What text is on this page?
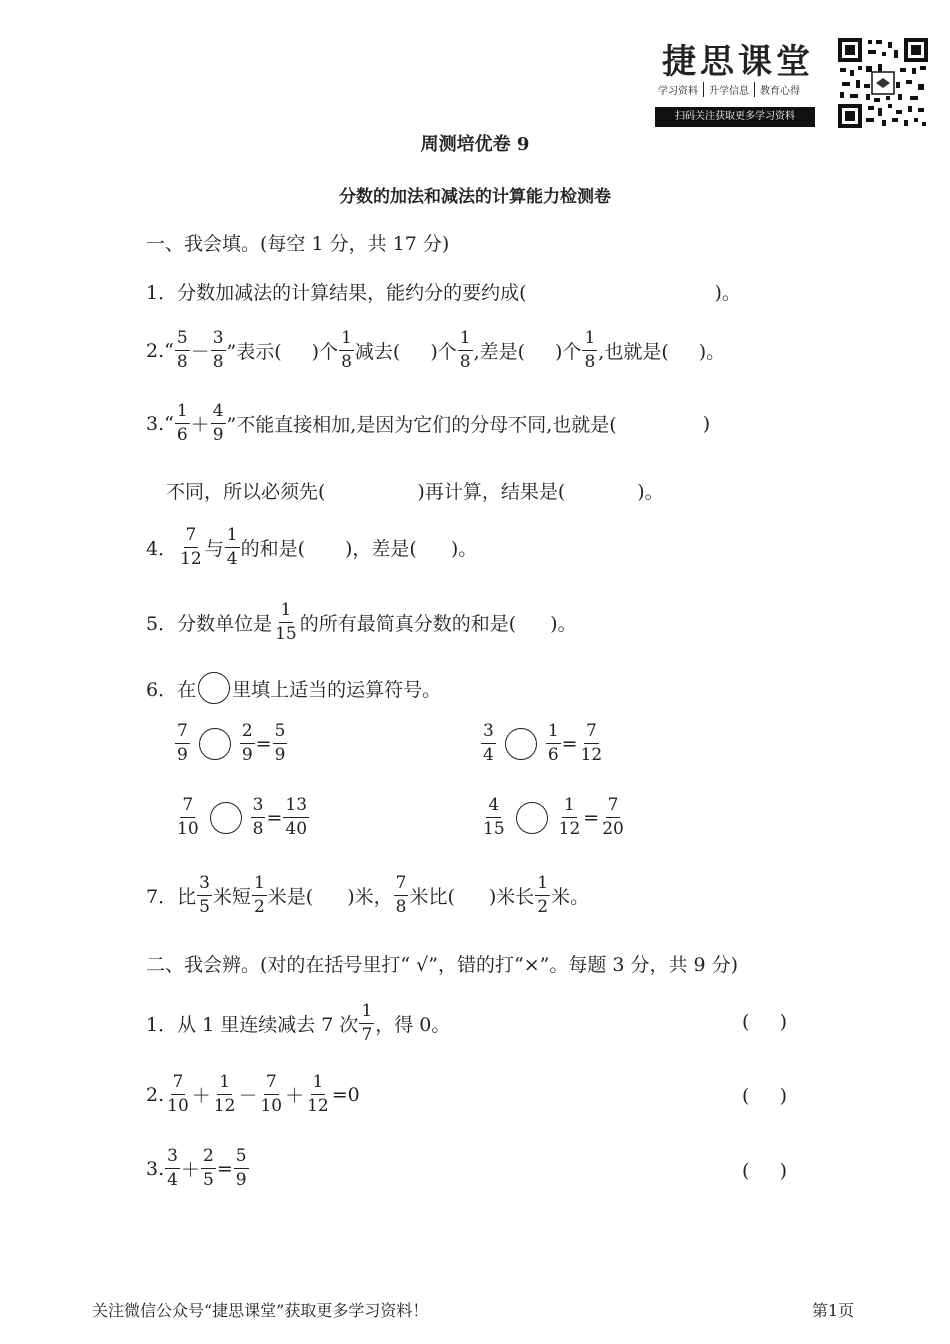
捷思课堂
学习资料	升学信息	教育心得
扫码关注获取更多学习资料
周测培优卷 9
分数的加法和减法的计算能力检测卷
一、我会填。(每空 1 分，共 17 分)
1．分数加减法的计算结果，能约分的要约成(	)。
2.“ $\frac{5}{8} - \frac{3}{8}$ ”表示( )个 $\frac{1}{8}$ 减去( )个 $\frac{1}{8}$ ,差是( )个 $\frac{1}{8}$ ,也就是( )。
3.“ $\frac{1}{6} + \frac{4}{9}$ ”不能直接相加,是因为它们的分母不同,也就是(	)
不同，所以必须先(	)再计算，结果是(	)。
4． $\frac{7}{12}$ 与 $\frac{1}{4}$ 的和是( )，差是( )。
5．分数单位是 $\frac{1}{15}$ 的所有最简真分数的和是( )。
6．在 里填上适当的运算符号。
$\frac{7}{9}$	$\frac{2}{9} = \frac{5}{9}$	$\frac{3}{4}$	$\frac{1}{6} = \frac{7}{12}$
$\frac{7}{10}$	$\frac{3}{8} = \frac{13}{40}$	$\frac{4}{15}$	$\frac{1}{12} = \frac{7}{20}$
7．比 $\frac{3}{5}$ 米短 $\frac{1}{2}$ 米是( )米， $\frac{7}{8}$ 米比( )米长 $\frac{1}{2}$ 米。
二、我会辨。(对的在括号里打“ √”，错的打“×”。每题 3 分，共 9 分)
1．从 1 里连续减去 7 次 $\frac{1}{7}$ ，得 0。	(     )
2. $\frac{7}{10} + \frac{1}{12} - \frac{7}{10} + \frac{1}{12} =0$	(     )
3. $\frac{3}{4} + \frac{2}{5} = \frac{5}{9}$	(     )
关注微信公众号“捷思课堂”获取更多学习资料！	第1页
